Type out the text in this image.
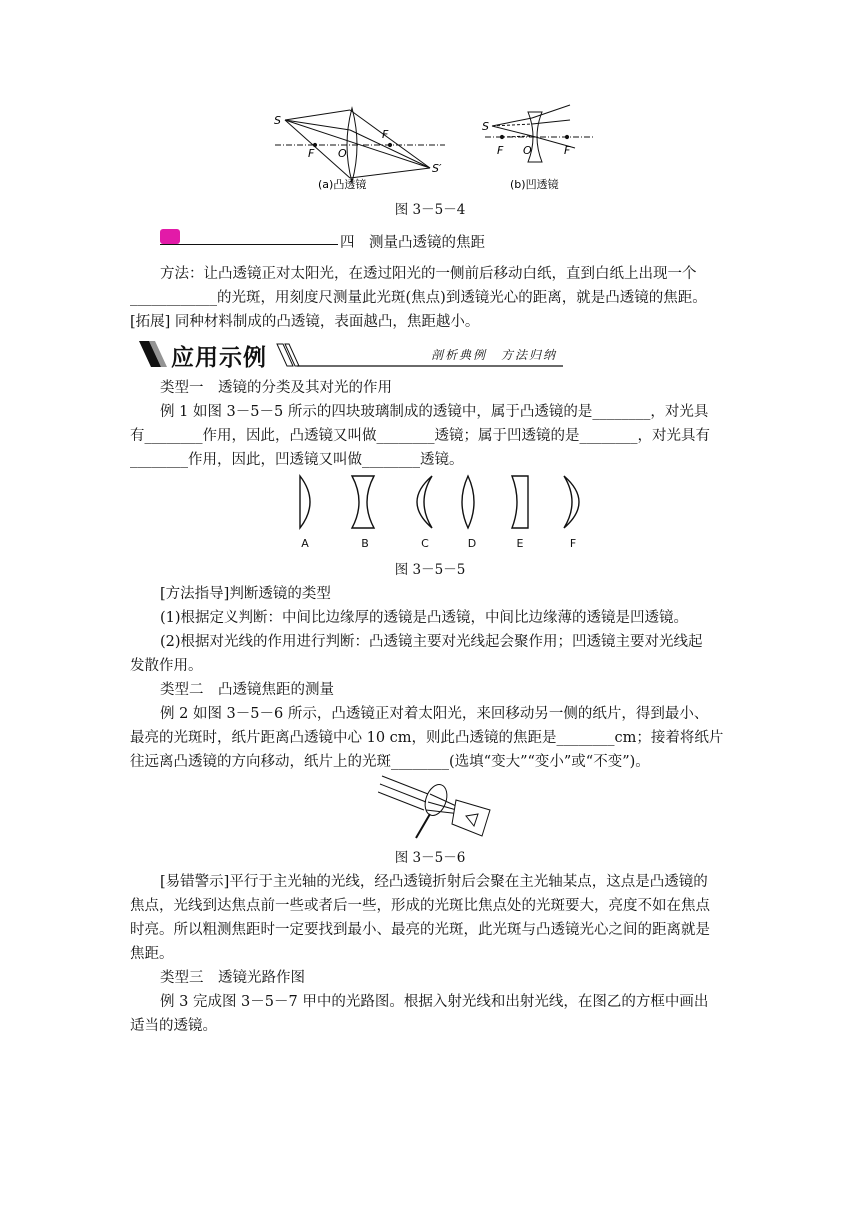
S
F O
F
S′
(a)凸透镜
S
F O	F
(b)凹透镜
图 3－5－4
四　测量凸透镜的焦距
方法：让凸透镜正对太阳光，在透过阳光的一侧前后移动白纸，直到白纸上出现一个
____________的光斑，用刻度尺测量此光斑(焦点)到透镜光心的距离，就是凸透镜的焦距。
[拓展] 同种材料制成的凸透镜，表面越凸，焦距越小。
应用示例	剖析典例　方法归纳
类型一　透镜的分类及其对光的作用
例 1 如图 3－5－5 所示的四块玻璃制成的透镜中，属于凸透镜的是________，对光具
有________作用，因此，凸透镜又叫做________透镜；属于凹透镜的是________，对光具有
________作用，因此，凹透镜又叫做________透镜。
A	B	C	D	E	F
图 3－5－5
[方法指导]判断透镜的类型
(1)根据定义判断：中间比边缘厚的透镜是凸透镜，中间比边缘薄的透镜是凹透镜。
(2)根据对光线的作用进行判断：凸透镜主要对光线起会聚作用；凹透镜主要对光线起
发散作用。
类型二　凸透镜焦距的测量
例 2 如图 3－5－6 所示，凸透镜正对着太阳光，来回移动另一侧的纸片，得到最小、
最亮的光斑时，纸片距离凸透镜中心 10 cm，则此凸透镜的焦距是________cm；接着将纸片
往远离凸透镜的方向移动，纸片上的光斑________(选填“变大”“变小”或“不变”)。
图 3－5－6
[易错警示]平行于主光轴的光线，经凸透镜折射后会聚在主光轴某点，这点是凸透镜的
焦点，光线到达焦点前一些或者后一些，形成的光斑比焦点处的光斑要大，亮度不如在焦点
时亮。所以粗测焦距时一定要找到最小、最亮的光斑，此光斑与凸透镜光心之间的距离就是
焦距。
类型三　透镜光路作图
例 3 完成图 3－5－7 甲中的光路图。根据入射光线和出射光线，在图乙的方框中画出
适当的透镜。
